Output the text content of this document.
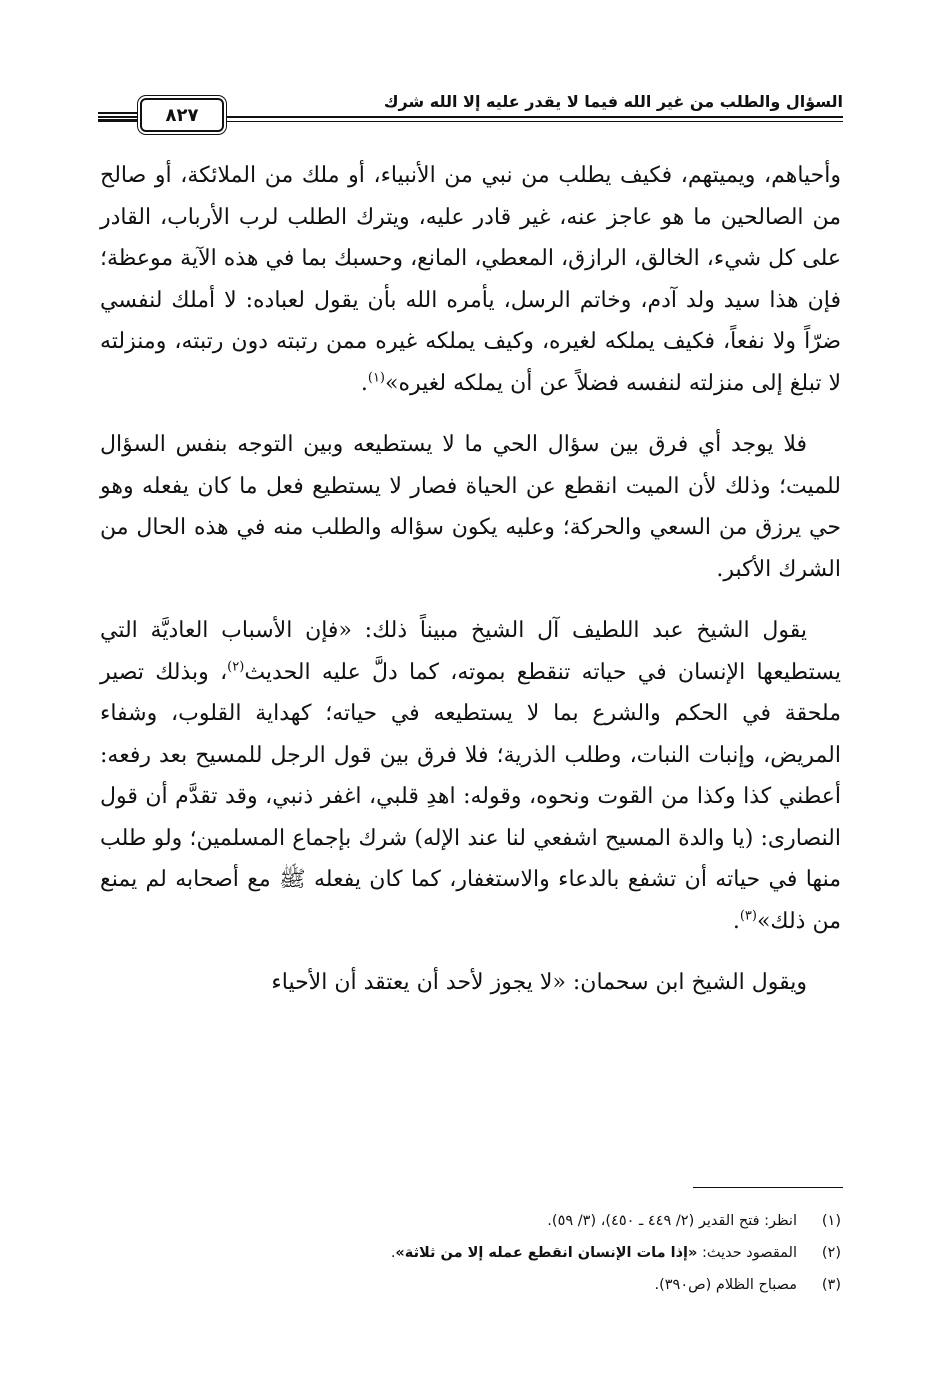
السؤال والطلب من غير الله فيما لا يقدر عليه إلا الله شرك
٨٢٧

وأحياهم، ويميتهم، فكيف يطلب من نبي من الأنبياء، أو ملك من الملائكة، أو صالح من الصالحين ما هو عاجز عنه، غير قادر عليه، ويترك الطلب لرب الأرباب، القادر على كل شيء، الخالق، الرازق، المعطي، المانع، وحسبك بما في هذه الآية موعظة؛ فإن هذا سيد ولد آدم، وخاتم الرسل، يأمره الله بأن يقول لعباده: لا أملك لنفسي ضرّاً ولا نفعاً، فكيف يملكه لغيره، وكيف يملكه غيره ممن رتبته دون رتبته، ومنزلته لا تبلغ إلى منزلته لنفسه فضلاً عن أن يملكه لغيره»$^{(١)}$.

فلا يوجد أي فرق بين سؤال الحي ما لا يستطيعه وبين التوجه بنفس السؤال للميت؛ وذلك لأن الميت انقطع عن الحياة فصار لا يستطيع فعل ما كان يفعله وهو حي يرزق من السعي والحركة؛ وعليه يكون سؤاله والطلب منه في هذه الحال من الشرك الأكبر.

يقول الشيخ عبد اللطيف آل الشيخ مبيناً ذلك: «فإن الأسباب العاديَّة التي يستطيعها الإنسان في حياته تنقطع بموته، كما دلَّ عليه الحديث$^{(٢)}$، وبذلك تصير ملحقة في الحكم والشرع بما لا يستطيعه في حياته؛ كهداية القلوب، وشفاء المريض، وإنبات النبات، وطلب الذرية؛ فلا فرق بين قول الرجل للمسيح بعد رفعه: أعطني كذا وكذا من القوت ونحوه، وقوله: اهدِ قلبي، اغفر ذنبي، وقد تقدَّم أن قول النصارى: (يا والدة المسيح اشفعي لنا عند الإله) شرك بإجماع المسلمين؛ ولو طلب منها في حياته أن تشفع بالدعاء والاستغفار، كما كان يفعله ﷺ مع أصحابه لم يمنع من ذلك»$^{(٣)}$.

ويقول الشيخ ابن سحمان: «لا يجوز لأحد أن يعتقد أن الأحياء

(١)
انظر: فتح القدير (٢/ ٤٤٩ ـ ٤٥٠)، (٣/ ٥٩).
(٢)
المقصود حديث: «إذا مات الإنسان انقطع عمله إلا من ثلاثة».
(٣)
مصباح الظلام (ص٣٩٠).
